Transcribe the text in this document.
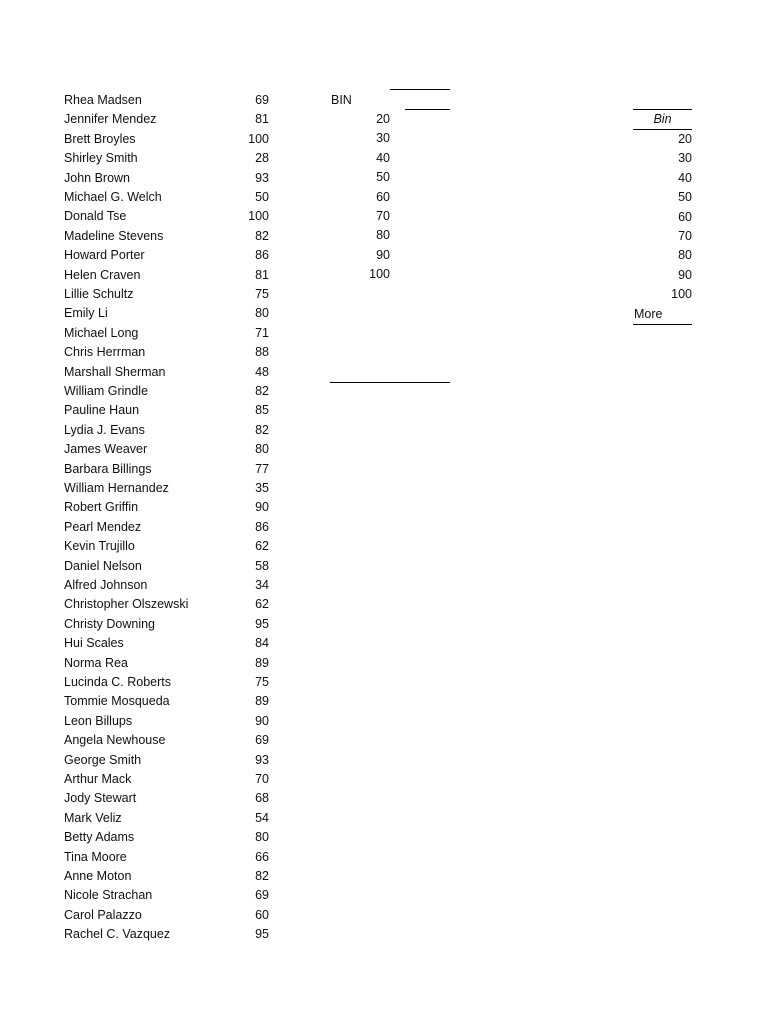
Rhea Madsen
Jennifer Mendez
Brett Broyles
Shirley Smith
John Brown
Michael G. Welch
Donald Tse
Madeline Stevens
Howard Porter
Helen Craven
Lillie Schultz
Emily Li
Michael Long
Chris Herrman
Marshall Sherman
William Grindle
Pauline Haun
Lydia J. Evans
James Weaver
Barbara Billings
William Hernandez
Robert Griffin
Pearl Mendez
Kevin Trujillo
Daniel Nelson
Alfred Johnson
Christopher Olszewski
Christy Downing
Hui Scales
Norma Rea
Lucinda C. Roberts
Tommie Mosqueda
Leon Billups
Angela Newhouse
George Smith
Arthur Mack
Jody Stewart
Mark Veliz
Betty Adams
Tina Moore
Anne Moton
Nicole Strachan
Carol Palazzo
Rachel C. Vazquez
69
81
100
28
93
50
100
82
86
81
75
80
71
88
48
82
85
82
80
77
35
90
86
62
58
34
62
95
84
89
75
89
90
69
93
70
68
54
80
66
82
69
60
95
BIN
20
30
40
50
60
70
80
90
100
Bin
20
30
40
50
60
70
80
90
100
More
